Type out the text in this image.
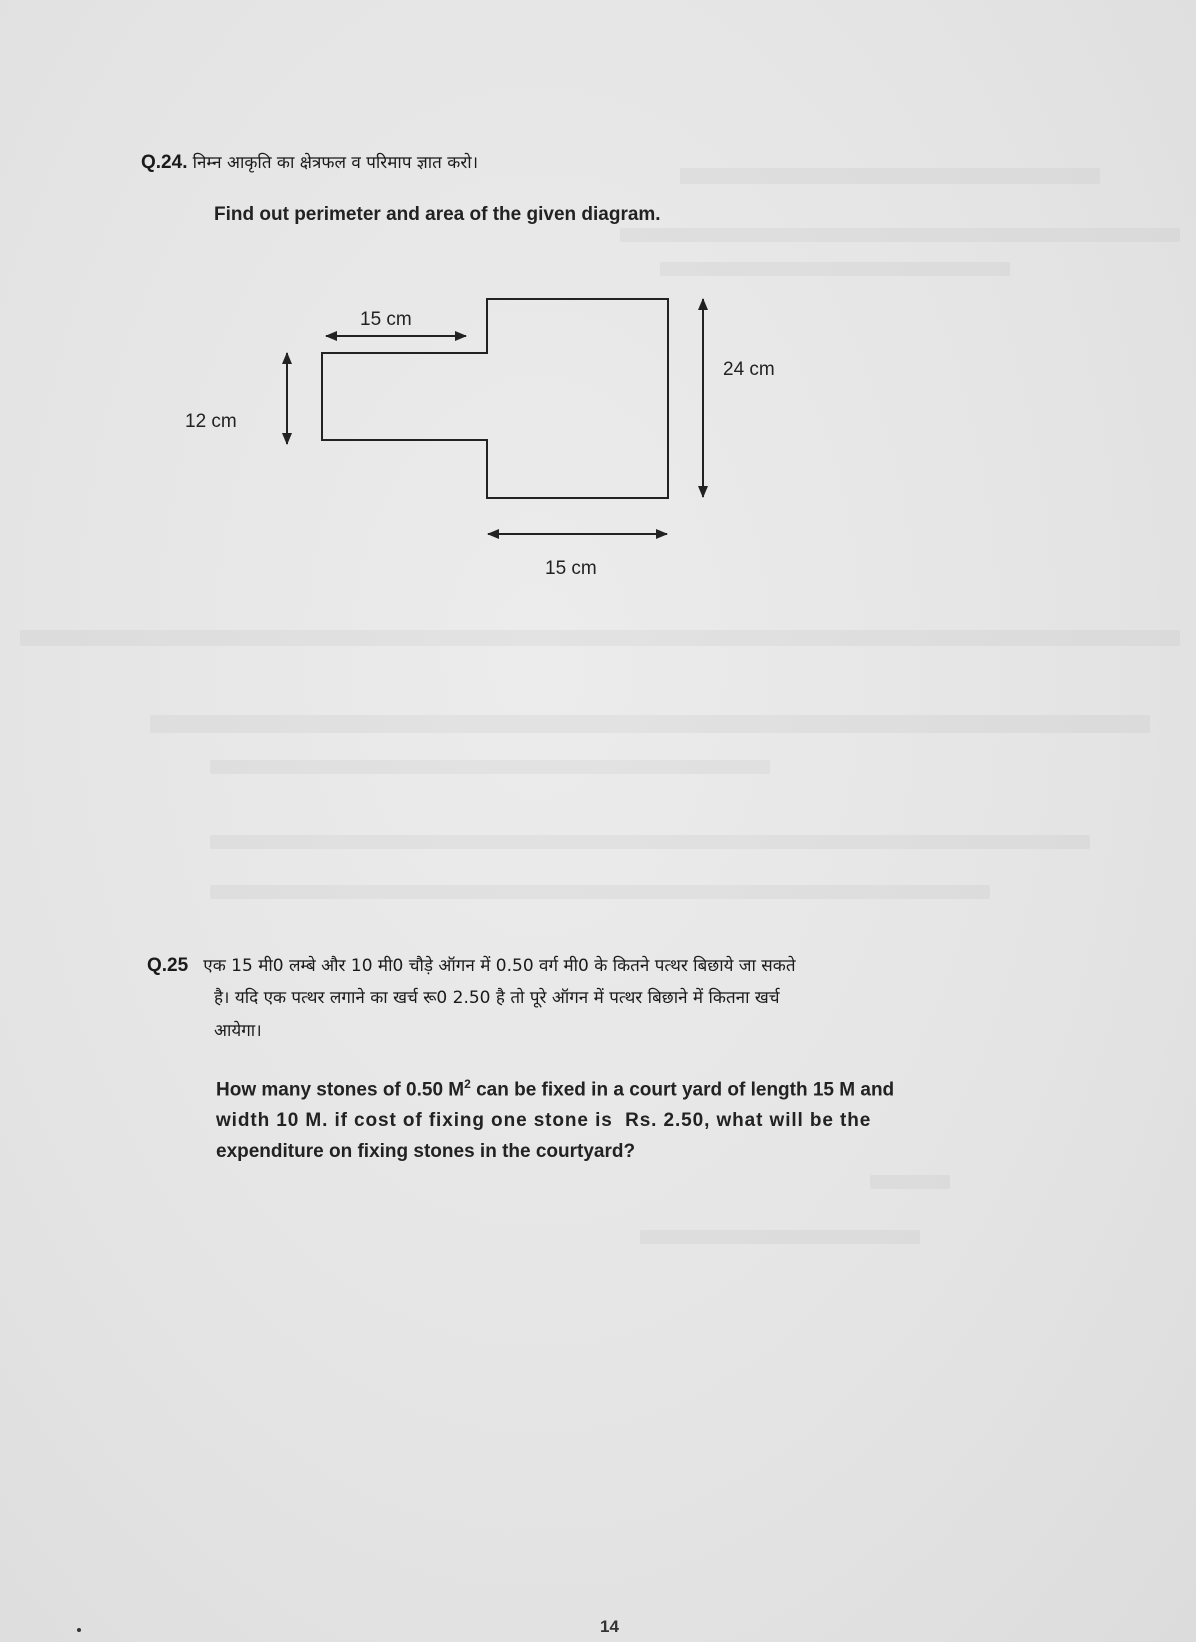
Q.24. निम्न आकृति का क्षेत्रफल व परिमाप ज्ञात करो।
Find out perimeter and area of the given diagram.
15 cm
12 cm
24 cm
15 cm
Q.25 एक 15 मी0 लम्बे और 10 मी0 चौड़े ऑगन में 0.50 वर्ग मी0 के कितने पत्थर बिछाये जा सकते
है। यदि एक पत्थर लगाने का खर्च रू0 2.50 है तो पूरे ऑगन में पत्थर बिछाने में कितना खर्च
आयेगा।
How many stones of 0.50 $M^2$ can be fixed in a court yard of length 15 M and
width 10 M. if cost of fixing one stone is  Rs. 2.50, what will be the
expenditure on fixing stones in the courtyard?
14
